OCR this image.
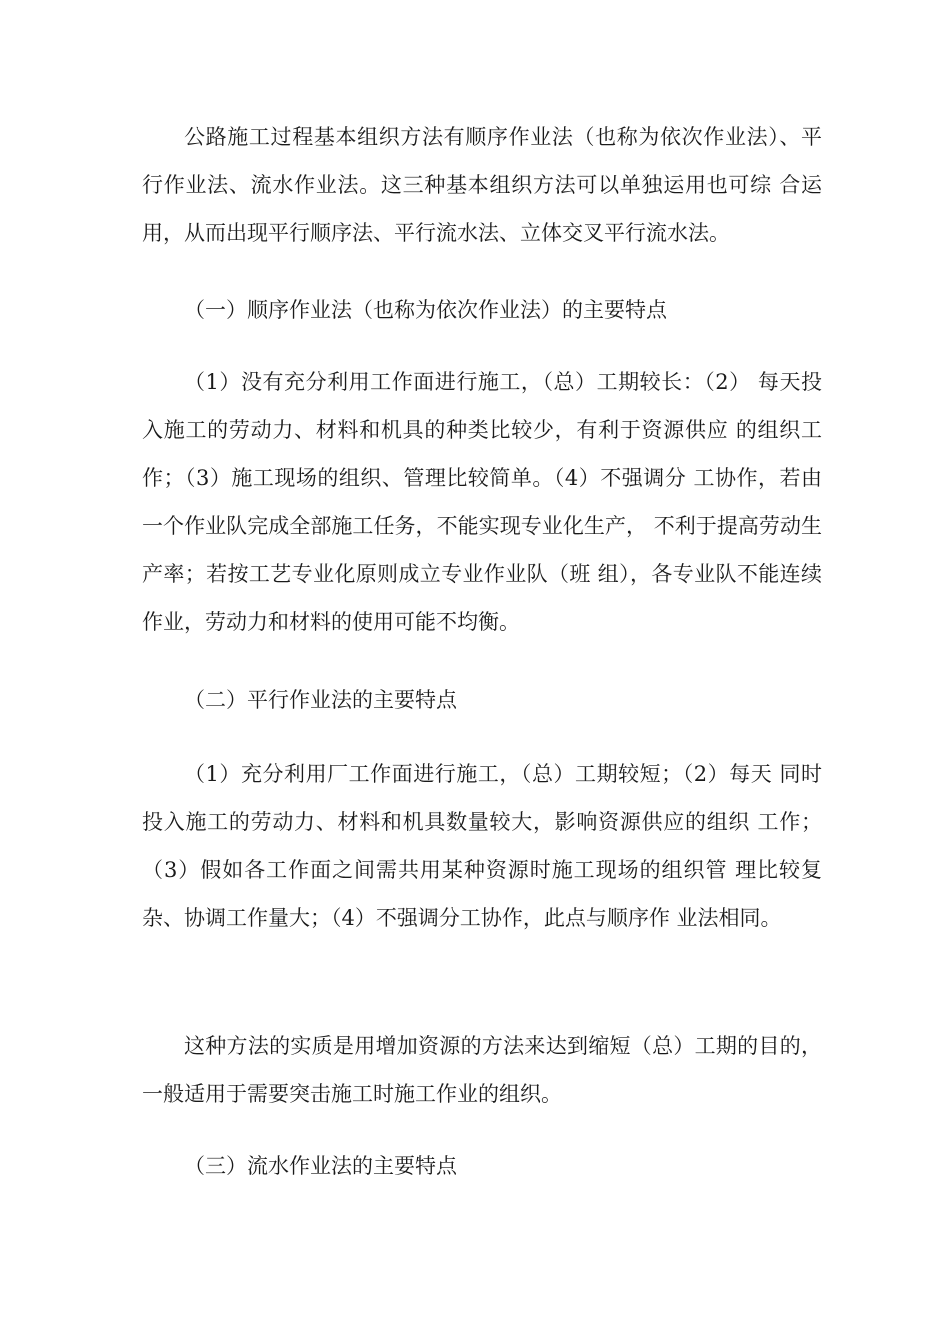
公路施工过程基本组织方法有顺序作业法（也称为依次作业法）、平行作业法、流水作业法。这三种基本组织方法可以单独运用也可综 合运用，从而出现平行顺序法、平行流水法、立体交叉平行流水法。

（一）顺序作业法（也称为依次作业法）的主要特点

（1）没有充分利用工作面进行施工，（总）工期较长：（2） 每天投入施工的劳动力、材料和机具的种类比较少，有利于资源供应 的组织工作；（3）施工现场的组织、管理比较简单。（4）不强调分 工协作，若由一个作业队完成全部施工任务，不能实现专业化生产， 不利于提高劳动生产率；若按工艺专业化原则成立专业作业队（班 组），各专业队不能连续作业，劳动力和材料的使用可能不均衡。

（二）平行作业法的主要特点

（1）充分利用厂工作面进行施工，（总）工期较短；（2）每天 同时投入施工的劳动力、材料和机具数量较大，影响资源供应的组织 工作；（3）假如各工作面之间需共用某种资源时施工现场的组织管 理比较复杂、协调工作量大；（4）不强调分工协作，此点与顺序作 业法相同。

这种方法的实质是用增加资源的方法来达到缩短（总）工期的目的，一般适用于需要突击施工时施工作业的组织。

（三）流水作业法的主要特点
